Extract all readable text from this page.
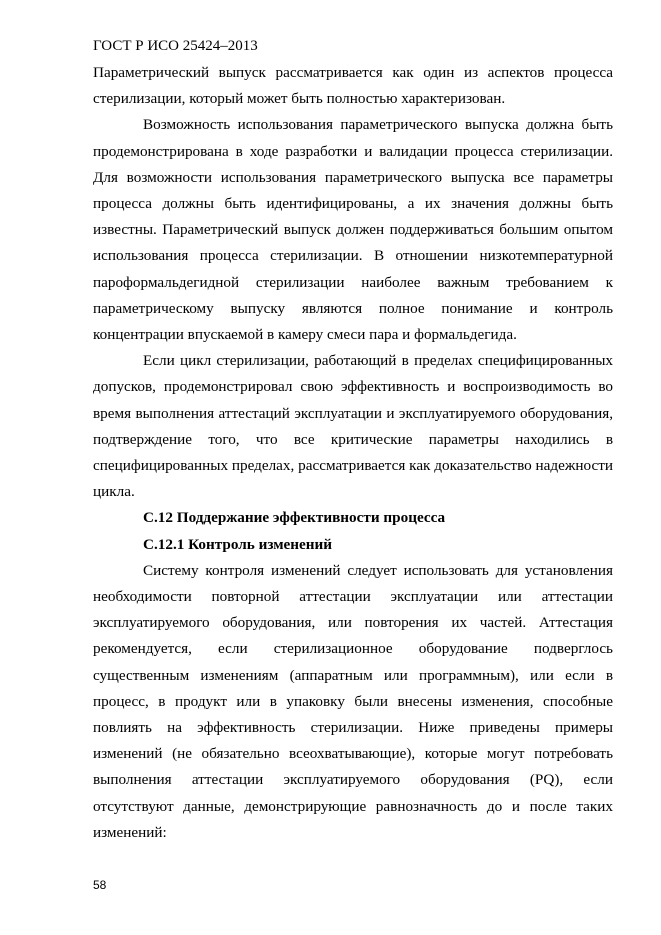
ГОСТ Р ИСО 25424–2013

Параметрический выпуск рассматривается как один из аспектов процесса стерилизации, который может быть полностью характеризован.

Возможность использования параметрического выпуска должна быть продемонстрирована в ходе разработки и валидации процесса стерилизации. Для возможности использования параметрического выпуска все параметры процесса должны быть идентифицированы, а их значения должны быть известны. Параметрический выпуск должен поддерживаться большим опытом использования процесса стерилизации. В отношении низкотемпературной пароформальдегидной стерилизации наиболее важным требованием к параметрическому выпуску являются полное понимание и контроль концентрации впускаемой в камеру смеси пара и формальдегида.

Если цикл стерилизации, работающий в пределах специфицированных допусков, продемонстрировал свою эффективность и воспроизводимость во время выполнения аттестаций эксплуатации и эксплуатируемого оборудования, подтверждение того, что все критические параметры находились в специфицированных пределах, рассматривается как доказательство надежности цикла.

С.12 Поддержание эффективности процесса
С.12.1 Контроль изменений

Систему контроля изменений следует использовать для установления необходимости повторной аттестации эксплуатации или аттестации эксплуатируемого оборудования, или повторения их частей. Аттестация рекомендуется, если стерилизационное оборудование подверглось существенным изменениям (аппаратным или программным), или если в процесс, в продукт или в упаковку были внесены изменения, способные повлиять на эффективность стерилизации. Ниже приведены примеры изменений (не обязательно всеохватывающие), которые могут потребовать выполнения аттестации эксплуатируемого оборудования (PQ), если отсутствуют данные, демонстрирующие равнозначность до и после таких изменений:

58
